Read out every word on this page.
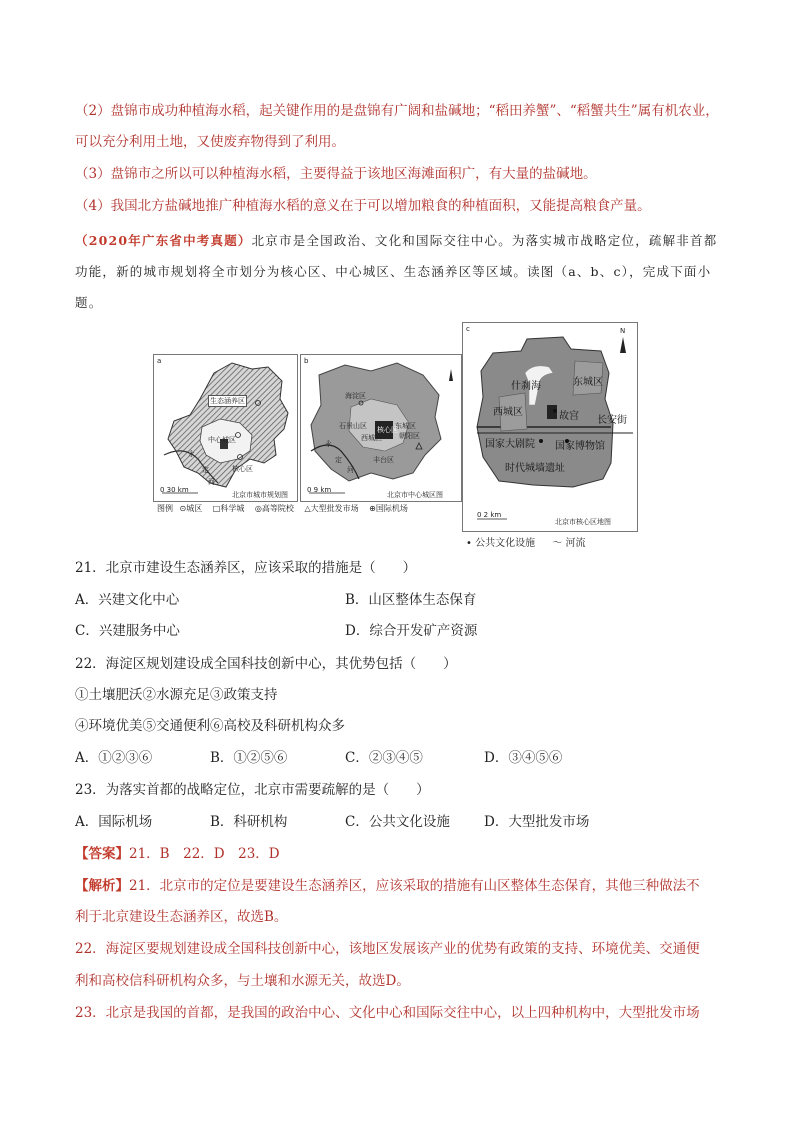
（2）盘锦市成功种植海水稻，起关键作用的是盘锦有广阔和盐碱地；“稻田养蟹”、“稻蟹共生”属有机农业，
可以充分利用土地，又使废弃物得到了利用。
（3）盘锦市之所以可以种植海水稻，主要得益于该地区海滩面积广，有大量的盐碱地。
（4）我国北方盐碱地推广种植海水稻的意义在于可以增加粮食的种植面积，又能提高粮食产量。
（2020年广东省中考真题）北京市是全国政治、文化和国际交往中心。为落实城市战略定位，疏解非首都
功能，新的城市规划将全市划分为核心区、中心城区、生态涵养区等区域。读图（a、b、c），完成下面小
题。
a
生态涵养区
中心城区
核心区
永
定
河
0 30 km
北京市城市规划图
b
海淀区
石景山区
西城区
东城区
朝阳区
丰台区
核心区
永
定
河
0 9 km
北京市中心城区图
图例 ⊙城区 □科学城 ◎高等院校 △大型批发市场 ⊕国际机场
c	N
什刹海	东城区
西城区	故宫 长安街
国家大剧院 国家博物馆
时代城墙遗址
0 2 km
北京市核心区地图
• 公共文化设施 〜 河流
21．北京市建设生态涵养区，应该采取的措施是（　　）
A．兴建文化中心	B．山区整体生态保育
C．兴建服务中心	D．综合开发矿产资源
22．海淀区规划建设成全国科技创新中心，其优势包括（　　）
①土壤肥沃②水源充足③政策支持
④环境优美⑤交通便利⑥高校及科研机构众多
A．①②③⑥	B．①②⑤⑥	C．②③④⑤	D．③④⑤⑥
23．为落实首都的战略定位，北京市需要疏解的是（　　）
A．国际机场	B．科研机构	C．公共文化设施	D．大型批发市场
【答案】21．B　22．D　23．D
【解析】21．北京市的定位是要建设生态涵养区，应该采取的措施有山区整体生态保育，其他三种做法不
利于北京建设生态涵养区，故选B。
22．海淀区要规划建设成全国科技创新中心，该地区发展该产业的优势有政策的支持、环境优美、交通便
利和高校信科研机构众多，与土壤和水源无关，故选D。
23．北京是我国的首都，是我国的政治中心、文化中心和国际交往中心，以上四种机构中，大型批发市场
